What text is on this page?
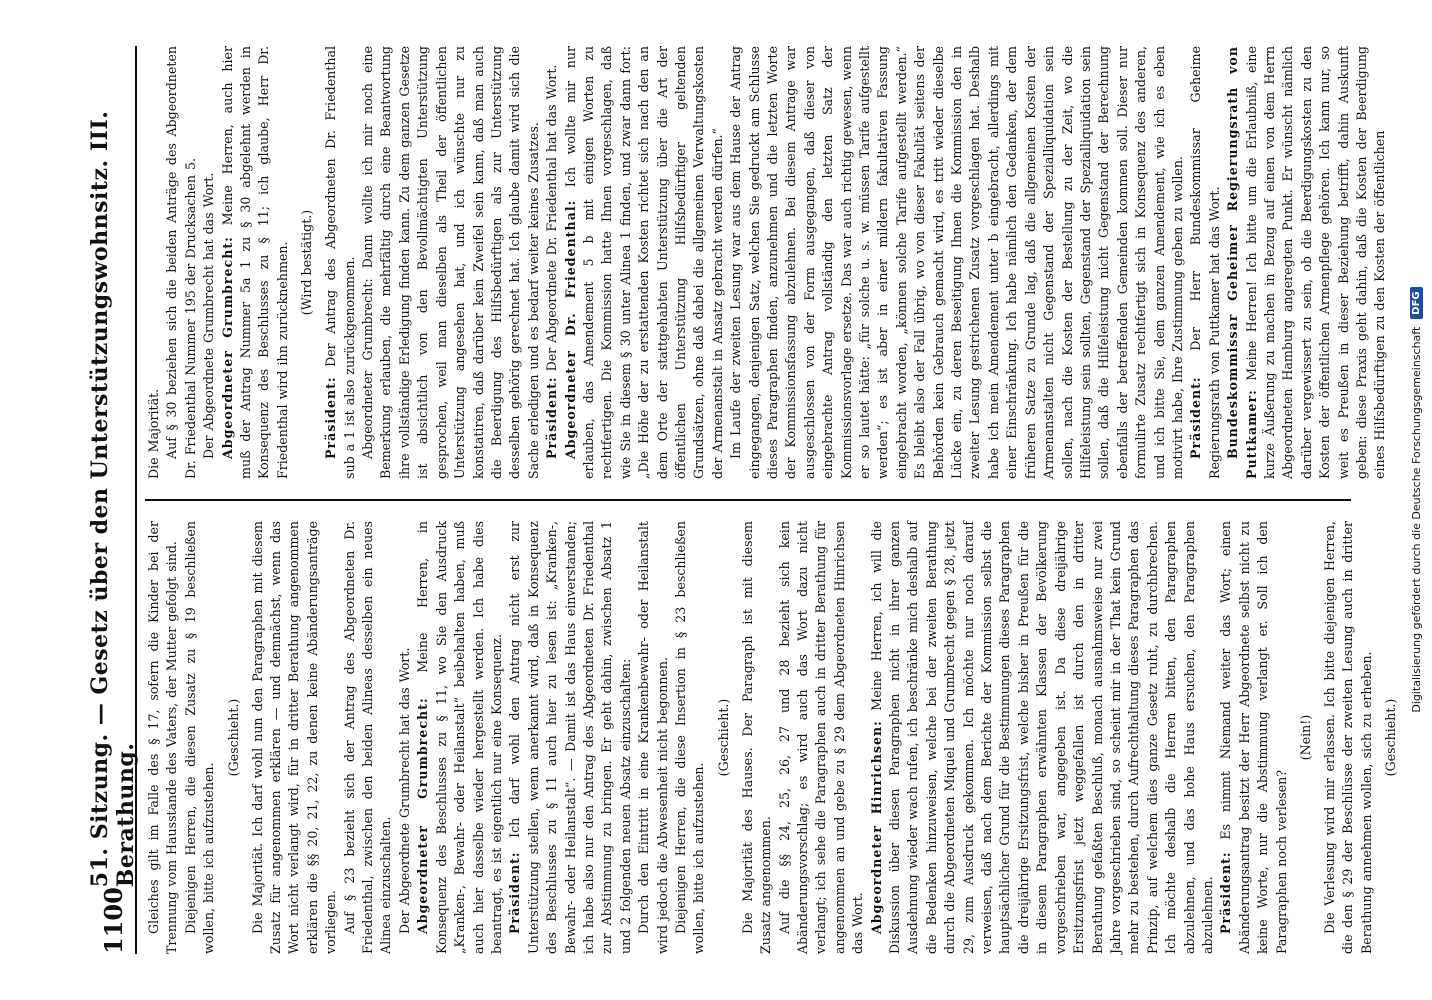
1100
51. Sitzung. — Gesetz über den Unterstützungswohnsitz. III. Berathung. Gleiches gilt im Falle des § 17, sofern die Kinder bei der Trennung vom Hausstande des Vaters, der Mutter gefolgt sind. Diejenigen Herren, die diesen Zusatz zu § 19 beschließen wollen, bitte ich aufzustehen.

(Geschieht.) Die Majorität. Ich darf wohl nun den Paragraphen mit diesem Zusatz für angenommen erklären — und demnächst, wenn das Wort nicht verlangt wird, für in dritter Berathung angenommen erklären die §§ 20, 21, 22, zu denen keine Abänderungsanträge vorliegen. Auf § 23 bezieht sich der Antrag des Abgeordneten Dr. Friedenthal, zwischen den beiden Alineas desselben ein neues Alinea einzuschalten. Der Abgeordnete Grumbrecht hat das Wort. Abgeordneter Grumbrecht: Meine Herren, in Konsequenz des Beschlusses zu § 11, wo Sie den Ausdruck „Kranken-, Bewahr- oder Heilanstalt“ beibehalten haben, muß auch hier dasselbe wieder hergestellt werden. Ich habe dies beantragt, es ist eigentlich nur eine Konsequenz. Präsident: Ich darf wohl den Antrag nicht erst zur Unterstützung stellen, wenn anerkannt wird, daß in Konsequenz des Beschlusses zu § 11 auch hier zu lesen ist: „Kranken-, Bewahr- oder Heilanstalt“. — Damit ist das Haus einverstanden; ich habe also nur den Antrag des Abgeordneten Dr. Friedenthal zur Abstimmung zu bringen. Er geht dahin, zwischen Absatz 1 und 2 folgenden neuen Absatz einzuschalten: Durch den Eintritt in eine Krankenbewahr- oder Heilanstalt wird jedoch die Abwesenheit nicht begonnen. Diejenigen Herren, die diese Insertion in § 23 beschließen wollen, bitte ich aufzustehen.

(Geschieht.) Die Majorität des Hauses. Der Paragraph ist mit diesem Zusatz angenommen. Auf die §§ 24, 25, 26, 27 und 28 bezieht sich kein Abänderungsvorschlag; es wird auch das Wort dazu nicht verlangt; ich sehe die Paragraphen auch in dritter Berathung für angenommen an und gebe zu § 29 dem Abgeordneten Hinrichsen das Wort. Abgeordneter Hinrichsen: Meine Herren, ich will die Diskussion über diesen Paragraphen nicht in ihrer ganzen Ausdehnung wieder wach rufen, ich beschränke mich deshalb auf die Bedenken hinzuweisen, welche bei der zweiten Berathung durch die Abgeordneten Miquel und Grumbrecht gegen § 28, jetzt 29, zum Ausdruck gekommen. Ich möchte nur noch darauf verweisen, daß nach dem Berichte der Kommission selbst die hauptsächlicher Grund für die Bestimmungen dieses Paragraphen die dreijährige Ersitzungsfrist, welche bisher in Preußen für die in diesem Paragraphen erwähnten Klassen der Bevölkerung vorgeschrieben war, angegeben ist. Da diese dreijährige Ersitzungsfrist jetzt weggefallen ist durch den in dritter Berathung gefaßten Beschluß, monach ausnahmsweise nur zwei Jahre vorgeschrieben sind, so scheint mir in der That kein Grund mehr zu bestehen, durch Aufrechthaltung dieses Paragraphen das Prinzip, auf welchem dies ganze Gesetz ruht, zu durchbrechen. Ich möchte deshalb die Herren bitten, den Paragraphen abzulehnen, und das hohe Haus ersuchen, den Paragraphen abzulehnen. Präsident: Es nimmt Niemand weiter das Wort; einen Abänderungsantrag besitzt der Herr Abgeordnete selbst nicht zu keine Worte, nur die Abstimmung verlangt er. Soll ich den Paragraphen noch verlesen?

(Nein!) Die Verlesung wird mir erlassen. Ich bitte diejenigen Herren, die den § 29 der Beschlüsse der zweiten Lesung auch in dritter Berathung annehmen wollen, sich zu erheben. (Geschieht.)

Die Majorität. Auf § 30 beziehen sich die beiden Anträge des Abgeordneten Dr. Friedenthal Nummer 195 der Drucksachen 5. Der Abgeordnete Grumbrecht hat das Wort. Abgeordneter Grumbrecht: Meine Herren, auch hier muß der Antrag Nummer 5a 1 zu § 30 abgelehnt werden in Konsequenz des Beschlusses zu § 11; ich glaube, Herr Dr. Friedenthal wird ihn zurücknehmen. (Wird bestätigt.)

Präsident: Der Antrag des Abgeordneten Dr. Friedenthal sub a 1 ist also zurückgenommen. Abgeordneter Grumbrecht: Dann wollte ich mir noch eine Bemerkung erlauben, die mehrfältig durch eine Beantwortung ihre vollständige Erledigung finden kann. Zu dem ganzen Gesetze ist absichtlich von den Bevollmächtigten Unterstützung gesprochen, weil man dieselben als Theil der öffentlichen Unterstützung angesehen hat, und ich wünschte nur zu konstatiren, daß darüber kein Zweifel sein kann, daß man auch die Beerdigung des Hilfsbedürftigen als zur Unterstützung desselben gehörig gerechnet hat. Ich glaube damit wird sich die Sache erledigen und es bedarf weiter keines Zusatzes. Präsident: Der Abgeordnete Dr. Friedenthal hat das Wort. Abgeordneter Dr. Friedenthal: Ich wollte mir nur erlauben, das Amendement 5 b mit einigen Worten zu rechtfertigen. Die Kommission hatte Ihnen vorgeschlagen, daß wie Sie in diesem § 30 unter Alinea 1 finden, und zwar dann fort: „Die Höhe der zu erstattenden Kosten richtet sich nach den an dem Orte der stattgehabten Unterstützung über die Art der öffentlichen Unterstützung Hilfsbedürftiger geltenden Grundsätzen, ohne daß dabei die allgemeinen Verwaltungskosten der Armenanstalt in Ansatz gebracht werden dürfen.“ Im Laufe der zweiten Lesung war aus dem Hause der Antrag eingegangen, denjenigen Satz, welchen Sie gedruckt am Schlusse dieses Paragraphen finden, anzunehmen und die letzten Worte der Kommissionsfassung abzulehnen. Bei diesem Antrage war ausgeschlossen von der Form ausgegangen, daß dieser von eingebrachte Antrag vollständig den letzten Satz der Kommissionsvorlage ersetze. Das war auch richtig gewesen, wenn er so lautet hätte: „für solche u. s. w. müssen Tarife aufgestellt werden“; es ist aber in einer mildern fakultativen Fassung eingebracht worden, „können solche Tarife aufgestellt werden.“ Es bleibt also der Fall übrig, wo von dieser Fakultät seitens der Behörden kein Gebrauch gemacht wird, es tritt wieder dieselbe Lücke ein, zu deren Beseitigung Ihnen die Kommission den in zweiter Lesung gestrichenen Zusatz vorgeschlagen hat. Deshalb habe ich mein Amendement unter b eingebracht, allerdings mit einer Einschränkung. Ich habe nämlich den Gedanken, der dem früheren Satze zu Grunde lag, daß die allgemeinen Kosten der Armenanstalten nicht Gegenstand der Spezialliquidation sein sollen, nach die Kosten der Bestellung zu der Zeit, wo die Hilfeleistung sein sollten, Gegenstand der Spezialliquidation sein sollen, daß die Hilfeleistung nicht Gegenstand der Berechnung ebenfalls der betreffenden Gemeinden kommen soll. Dieser nur formulirte Zusatz rechtfertigt sich in Konsequenz des anderen, und ich bitte Sie, dem ganzen Amendement, wie ich es eben motivirt habe, Ihre Zustimmung geben zu wollen. Präsident: Der Herr Bundeskommissar Geheime Regierungsrath von Puttkamer hat das Wort. Bundeskommissar Geheimer Regierungsrath von Puttkamer: Meine Herren! Ich bitte um die Erlaubniß, eine kurze Äußerung zu machen in Bezug auf einen von dem Herrn Abgeordneten Hamburg angeregten Punkt. Er wünscht nämlich darüber vergewissert zu sein, ob die Beerdigungskosten zu den Kosten der öffentlichen Armenpflege gehören. Ich kann nur, so weit es Preußen in dieser Beziehung betrifft, dahin Auskunft geben: diese Praxis geht dahin, daß die Kosten der Beerdigung eines Hilfsbedürftigen zu den Kosten der öffentlichen

Digitalisierung gefördert durch die Deutsche Forschungsgemeinschaft
DFG
